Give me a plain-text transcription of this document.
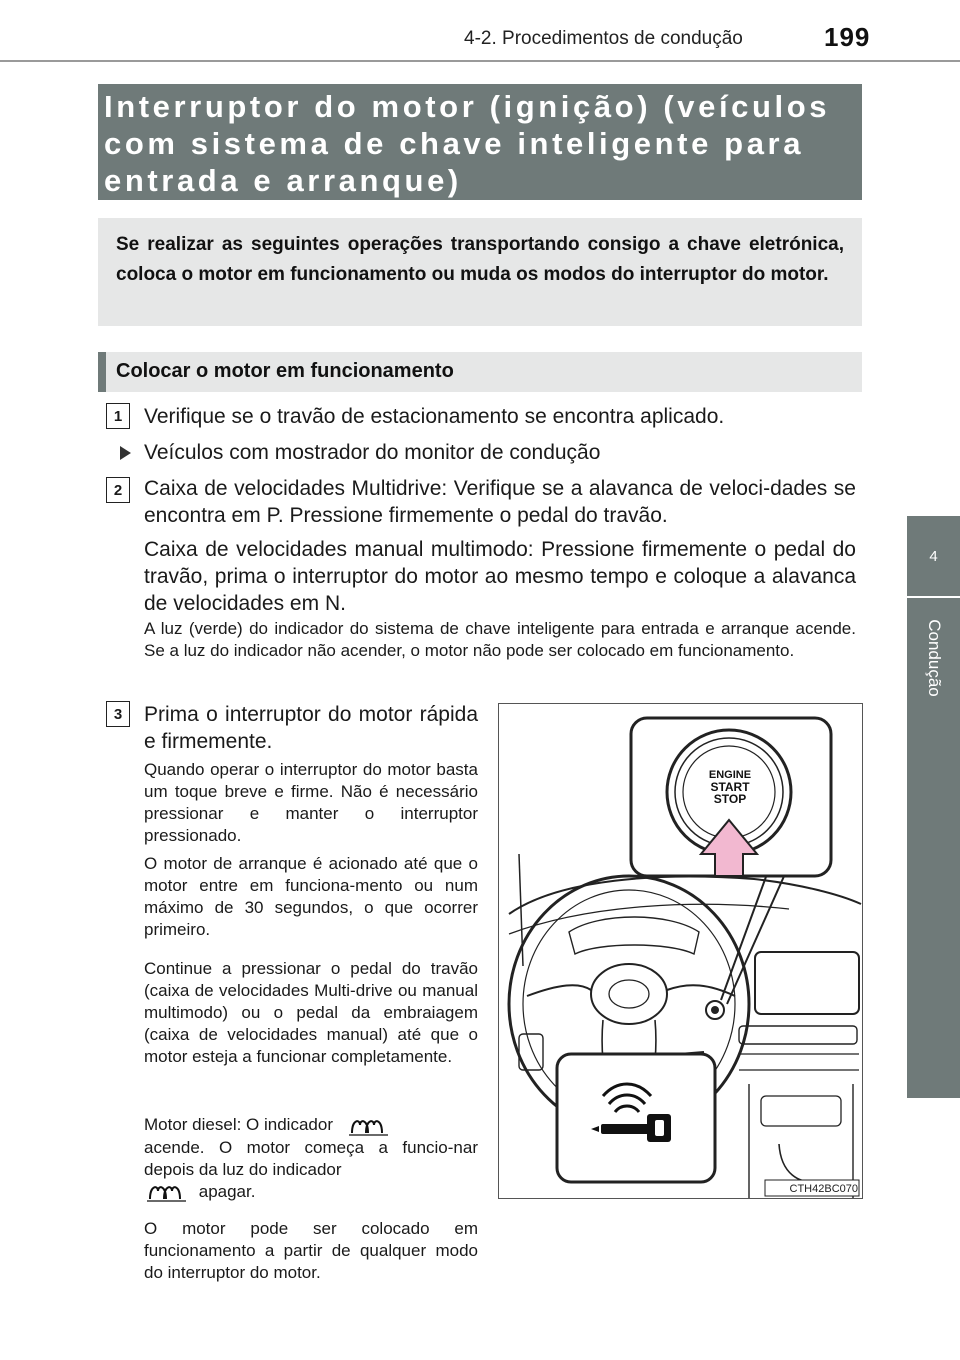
4-2. Procedimentos de condução	199
4
Condução
Interruptor do motor (ignição) (veículos
com sistema de chave inteligente para
entrada e arranque)
Se realizar as seguintes operações transportando consigo a chave eletrónica, coloca o motor em funcionamento ou muda os modos do interruptor do motor.
Colocar o motor em funcionamento
1	Verifique se o travão de estacionamento se encontra aplicado.
Veículos com mostrador do monitor de condução
2	Caixa de velocidades Multidrive: Verifique se a alavanca de veloci-dades se encontra em P. Pressione firmemente o pedal do travão.
Caixa de velocidades manual multimodo: Pressione firmemente o pedal do travão, prima o interruptor do motor ao mesmo tempo e coloque a alavanca de velocidades em N.
A luz (verde) do indicador do sistema de chave inteligente para entrada e arranque acende. Se a luz do indicador não acender, o motor não pode ser colocado em funcionamento.
3	Prima o interruptor do motor rápida e firmemente.
Quando operar o interruptor do motor basta um toque breve e firme. Não é necessário pressionar e manter o interruptor pressionado.
O motor de arranque é acionado até que o motor entre em funciona-mento ou num máximo de 30 segundos, o que ocorrer primeiro.
Continue a pressionar o pedal do travão (caixa de velocidades Multi-drive ou manual multimodo) ou o pedal da embraiagem (caixa de velocidades manual) até que o motor esteja a funcionar completamente.
Motor diesel: O indicador
acende. O motor começa a funcio-nar depois da luz do indicador
apagar.
O motor pode ser colocado em funcionamento a partir de qualquer modo do interruptor do motor.
ENGINE
START
STOP
CTH42BC070
